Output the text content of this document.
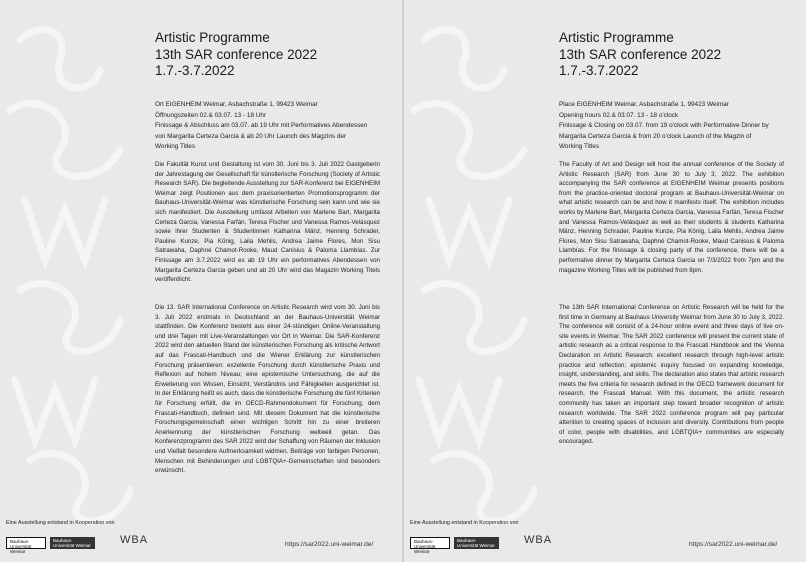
Artistic Programme
13th SAR conference 2022
1.7.-3.7.2022
Ort EIGENHEIM Weimar, Asbachstraße 1, 99423 Weimar
Öffnungszeiten 02.& 03.07. 13 - 18 Uhr
Finissage & Abschluss am 03.07. ab 19 Uhr mit Performatives Abendessen
von Margarita Certeza Garcia & ab 20 Uhr Launch des Magzins der
Working Titles

Die Fakultät Kunst und Gestaltung ist vom 30. Juni bis 3. Juli 2022 Gastgeberin der Jahrestagung der Gesellschaft für künstlerische Forschung (Society of Artistic Research SAR). Die begleitende Ausstellung zur SAR-Konferenz bei EIGENHEIM Weimar zeigt Positionen aus dem praxisorientierten Promotionsprogramm der Bauhaus-Universität-Weimar was künstlerische Forschung sein kann und wie sie sich manifestiert. Die Ausstellung umfasst Arbeiten von Marlene Bart, Margarita Certeza Garcia, Vanessa Farfán, Teresa Fischer und Vanessa Ramos-Velásquez sowie ihrer Studenten & Studentinnen Katharina Mänz, Henning Schrader, Pauline Kunze, Pia König, Laila Mehlis, Andrea Jaime Flores, Mon Sisu Satrawaha, Daphné Chamot-Rooke, Maud Canisius & Paloma Llambías. Zur Finissage am 3.7.2022 wird es ab 19 Uhr ein performatives Abendessen von Margarita Certeza Garcia geben und ab 20 Uhr wird das Magazin Working Titels veröffentlicht.

Die 13. SAR International Conference on Artistic Research wird vom 30. Juni bis 3. Juli 2022 erstmals in Deutschland an der Bauhaus-Universität Weimar stattfinden. Die Konferenz besteht aus einer 24-stündigen Online-Veranstaltung und drei Tagen mit Live-Veranstaltungen vor Ort in Weimar. Die SAR-Konferenz 2022 wird den aktuellen Stand der künstlerischen Forschung als kritische Antwort auf das Frascati-Handbuch und die Wiener Erklärung zur künstlerischen Forschung präsentieren: exzellente Forschung durch künstlerische Praxis und Reflexion auf hohem Niveau; eine epistemische Untersuchung, die auf die Erweiterung von Wissen, Einsicht, Verständnis und Fähigkeiten ausgerichtet ist. In der Erklärung heißt es auch, dass die künstlerische Forschung die fünf Kriterien für Forschung erfüllt, die im OECD-Rahmendokument für Forschung, dem Frascati-Handbuch, definiert sind. Mit diesem Dokument hat die künstlerische Forschungsgemeinschaft einen wichtigen Schritt hin zu einer breiteren Anerkennung der künstlerischen Forschung weltweit getan. Das Konferenzprogramm des SAR 2022 wird der Schaffung von Räumen der Inklusion und Vielfalt besondere Aufmerksamkeit widmen. Beiträge von farbigen Personen, Menschen mit Behinderungen und LGBTQIA+-Gemeinschaften sind besonders erwünscht.

Eine Ausstellung entstand in Kooperation von
Bauhaus-Universität Weimar
Bauhaus-Universität Weimar	WBA	https://sar2022.uni-weimar.de/
Artistic Programme
13th SAR conference 2022
1.7.-3.7.2022
Place EIGENHEIM Weimar, Asbachstraße 1, 99423 Weimar
Opening hours 02.& 03.07. 13 - 18 o'clock
Finissage & Closing on 03.07. from 19 o'clock with Performative Dinner by
Margarita Certeza Garcia & from 20 o'clock Launch of the Magzin of
Working Titles

The Faculty of Art and Design will host the annual conference of the Society of Artistic Research (SAR) from June 30 to July 3, 2022. The exhibition accompanying the SAR conference at EIGENHEIM Weimar presents positions from the practice-oriented doctoral program at Bauhaus-Universität-Weimar on what artistic research can be and how it manifests itself. The exhibition includes works by Marlene Bart, Margarita Certeza Garcia, Vanessa Farfán, Teresa Fischer and Vanessa Ramos-Velásquez as well as their students & students Katharina Mänz, Henning Schrader, Pauline Kunze, Pia König, Laila Mehlis, Andrea Jaime Flores, Mon Sisu Satrawaha, Daphné Chamot-Rooke, Maud Canisius & Paloma Llambías. For the finissage & closing party of the conference, there will be a performative dinner by Margarita Certeza Garcia on 7/3/2022 from 7pm and the magazine Working Titles will be published from 8pm.

The 13th SAR International Conference on Artistic Research will be held for the first time in Germany at Bauhaus University Weimar from June 30 to July 3, 2022. The conference will consist of a 24-hour online event and three days of live on-site events in Weimar. The SAR 2022 conference will present the current state of artistic research as a critical response to the Frascati Handbook and the Vienna Declaration on Artistic Research: excellent research through high-level artistic practice and reflection; epistemic inquiry focused on expanding knowledge, insight, understanding, and skills. The declaration also states that artistic research meets the five criteria for research defined in the OECD framework document for research, the Frascati Manual. With this document, the artistic research community has taken an important step toward broader recognition of artistic research worldwide. The SAR 2022 conference program will pay particular attention to creating spaces of inclusion and diversity. Contributions from people of color, people with disabilities, and LGBTQIA+ communities are especially encouraged.

Eine Ausstellung entstand in Kooperation von
Bauhaus-Universität Weimar
Bauhaus-Universität Weimar	WBA	https://sar2022.uni-weimar.de/
